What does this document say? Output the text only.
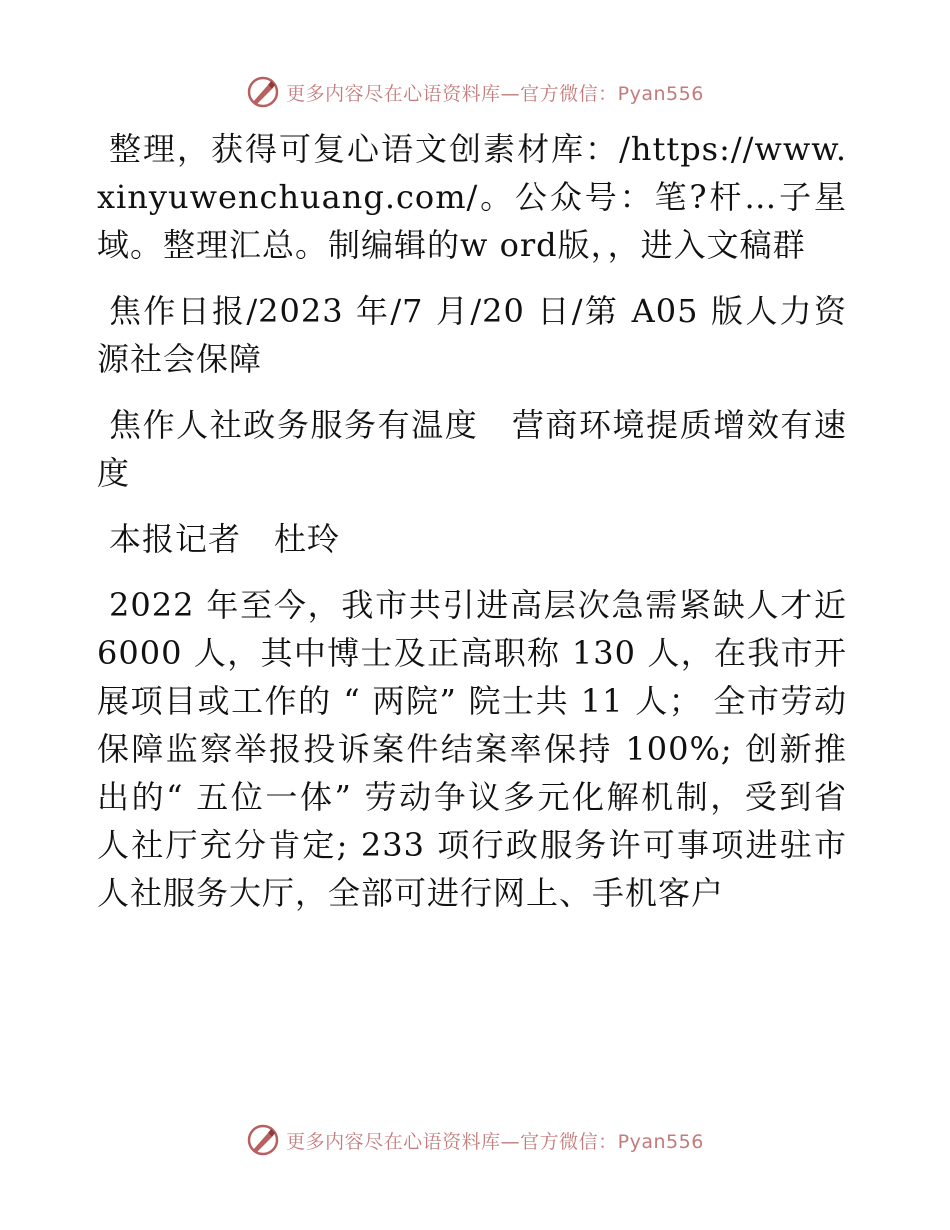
更多内容尽在心语资料库—官方微信：Pyan556

整理，获得可复心语文创素材库：/https://www.xinyuwenchuang.com/。公众号：笔?杆…子星域。整理汇总。制编辑的w ord版，，进入文稿群

焦作日报/2023 年/7 月/20 日/第 A05 版人力资源社会保障

焦作人社政务服务有温度　营商环境提质增效有速度

本报记者　杜玲

2022 年至今，我市共引进高层次急需紧缺人才近 6000 人，其中博士及正高职称 130 人，在我市开展项目或工作的 “ 两院” 院士共 11 人； 全市劳动保障监察举报投诉案件结案率保持 100%; 创新推出的“ 五位一体” 劳动争议多元化解机制，受到省人社厅充分肯定; 233 项行政服务许可事项进驻市人社服务大厅，全部可进行网上、手机客户

更多内容尽在心语资料库—官方微信：Pyan556
